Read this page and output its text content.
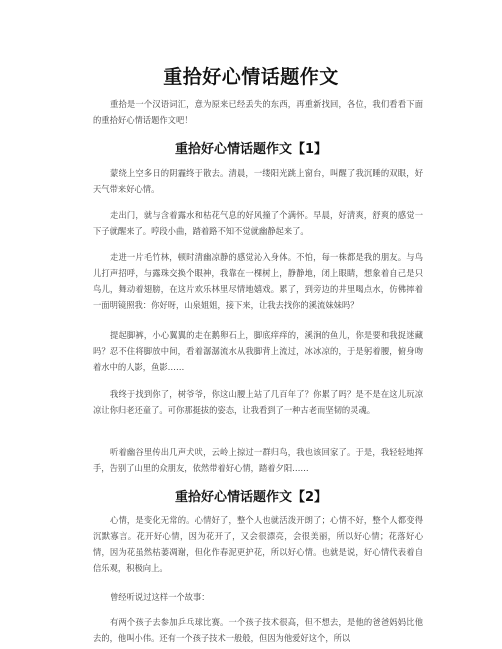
重拾好心情话题作文

重拾是一个汉语词汇，意为原来已经丢失的东西，再重新找回，各位，我们看看下面的重拾好心情话题作文吧！

重拾好心情话题作文【1】

蒙绕上空多日的阴霾终于散去。清晨，一缕阳光跳上窗台，叫醒了我沉睡的双眼，好天气带来好心情。

走出门，就与含着露水和枯花气息的好风撞了个满怀。早晨，好清爽，舒爽的感觉一下子就醒来了。哼段小曲，踏着路不知不觉就幽静起来了。

走进一片毛竹林，顿时清幽凉静的感觉沁入身体。不怕，每一株都是我的朋友。与鸟儿打声招呼，与露珠交换个眼神，我靠在一棵树上，静静地，闭上眼睛，想象着自己是只鸟儿，舞动着翅膀，在这片欢乐林里尽情地嬉戏。累了，到旁边的井里喝点水，仿佛摔着一面明镜照我：你好呀，山泉姐姐，接下来，让我去找你的溪流妹妹吗？

提起脚裤，小心翼翼的走在鹅卵石上，脚底痒痒的，溪涧的鱼儿，你是要和我捉迷藏吗？忍不住将脚放中间，看着潺潺流水从我脚背上流过，冰冰凉的，于是躬着腰，俯身吻着水中的人影，鱼影……

我终于找到你了，树爷爷，你这山腰上站了几百年了？你累了吗？是不是在这儿玩凉凉让你归老还童了。可你那挺拔的姿态，让我看到了一种古老而坚韧的灵魂。

听着幽谷里传出几声犬吠，云岭上掠过一群归鸟，我也该回家了。于是，我轻轻地挥手，告别了山里的众朋友，依然带着好心情，踏着夕阳……

重拾好心情话题作文【2】

心情，是变化无常的。心情好了，整个人也就活泼开朗了；心情不好，整个人都变得沉默寡言。花开好心情，因为花开了，又会很漂亮，会很美丽，所以好心情；花落好心情，因为花虽然枯萎凋谢，但化作春泥更护花，所以好心情。也就是说，好心情代表着自信乐观，积极向上。

曾经听说过这样一个故事：

有两个孩子去参加乒乓球比赛。一个孩子技术很高，但不想去，是他的爸爸妈妈比他去的，他叫小伟。还有一个孩子技术一般般，但因为他爱好这个，所以
